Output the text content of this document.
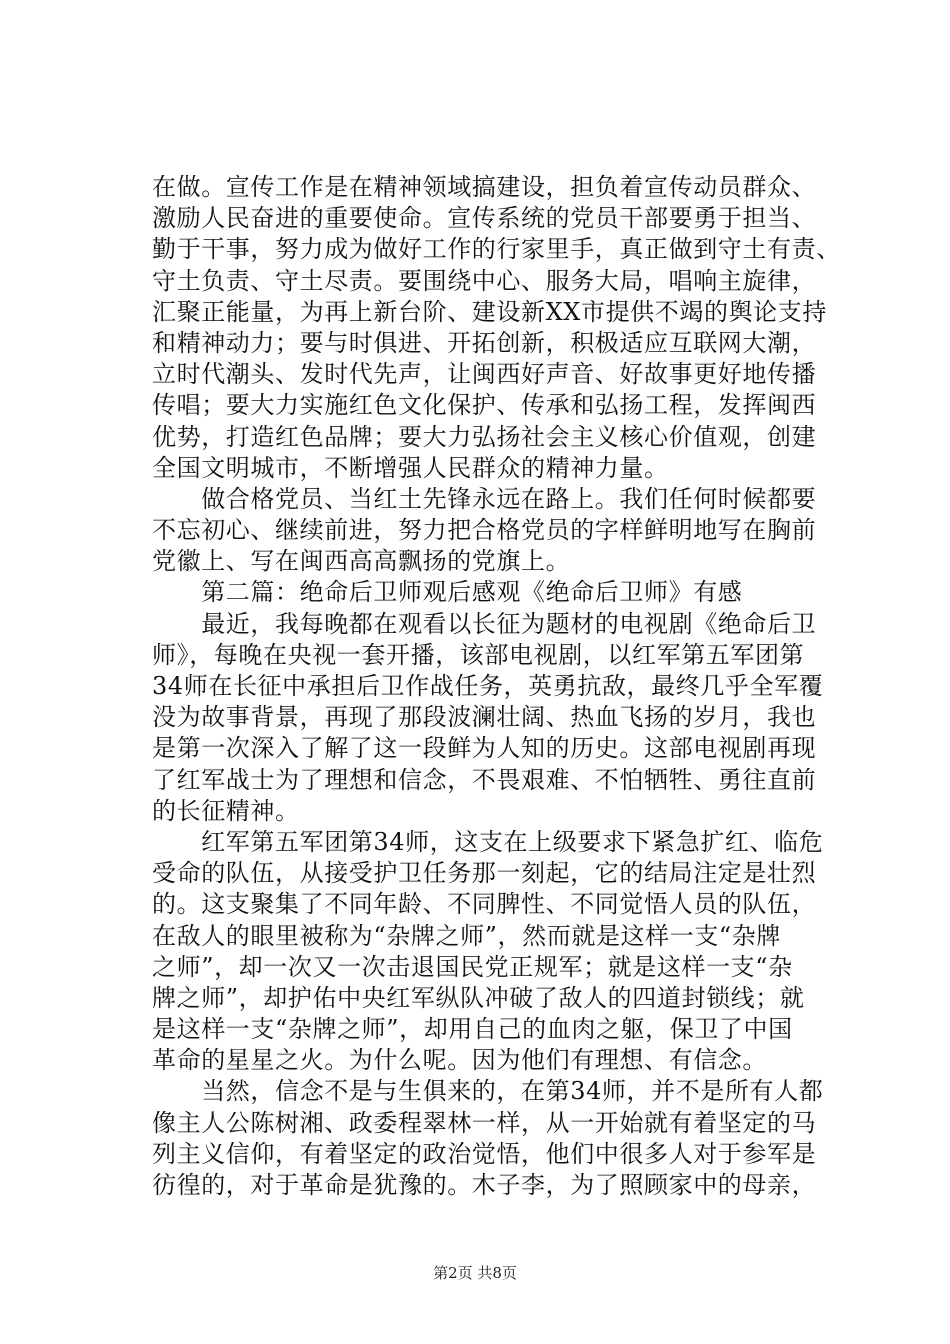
在做。宣传工作是在精神领域搞建设，担负着宣传动员群众、
激励人民奋进的重要使命。宣传系统的党员干部要勇于担当、
勤于干事，努力成为做好工作的行家里手，真正做到守土有责、
守土负责、守土尽责。要围绕中心、服务大局，唱响主旋律，
汇聚正能量，为再上新台阶、建设新XX市提供不竭的舆论支持
和精神动力；要与时俱进、开拓创新，积极适应互联网大潮，
立时代潮头、发时代先声，让闽西好声音、好故事更好地传播
传唱；要大力实施红色文化保护、传承和弘扬工程，发挥闽西
优势，打造红色品牌；要大力弘扬社会主义核心价值观，创建
全国文明城市，不断增强人民群众的精神力量。
　　做合格党员、当红土先锋永远在路上。我们任何时候都要
不忘初心、继续前进，努力把合格党员的字样鲜明地写在胸前
党徽上、写在闽西高高飘扬的党旗上。
　　第二篇：绝命后卫师观后感观《绝命后卫师》有感
　　最近，我每晚都在观看以长征为题材的电视剧《绝命后卫
师》，每晚在央视一套开播，该部电视剧，以红军第五军团第
34师在长征中承担后卫作战任务，英勇抗敌，最终几乎全军覆
没为故事背景，再现了那段波澜壮阔、热血飞扬的岁月，我也
是第一次深入了解了这一段鲜为人知的历史。这部电视剧再现
了红军战士为了理想和信念，不畏艰难、不怕牺牲、勇往直前
的长征精神。
　　红军第五军团第34师，这支在上级要求下紧急扩红、临危
受命的队伍，从接受护卫任务那一刻起，它的结局注定是壮烈
的。这支聚集了不同年龄、不同脾性、不同觉悟人员的队伍，
在敌人的眼里被称为“杂牌之师”，然而就是这样一支“杂牌
之师”，却一次又一次击退国民党正规军；就是这样一支“杂
牌之师”，却护佑中央红军纵队冲破了敌人的四道封锁线；就
是这样一支“杂牌之师”，却用自己的血肉之躯，保卫了中国
革命的星星之火。为什么呢。因为他们有理想、有信念。
　　当然，信念不是与生俱来的，在第34师，并不是所有人都
像主人公陈树湘、政委程翠林一样，从一开始就有着坚定的马
列主义信仰，有着坚定的政治觉悟，他们中很多人对于参军是
彷徨的，对于革命是犹豫的。木子李，为了照顾家中的母亲，
第2页 共8页
